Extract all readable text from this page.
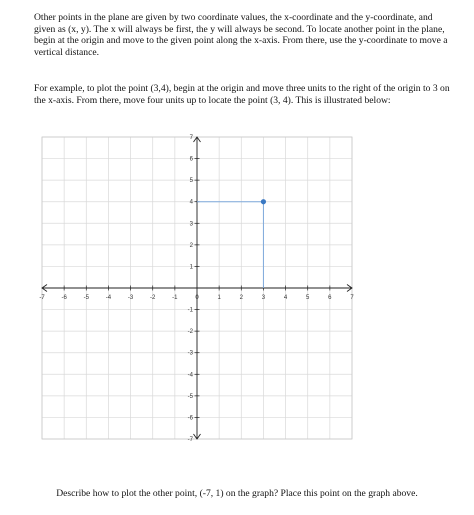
Other points in the plane are given by two coordinate values, the x-coordinate and the y-coordinate, and given as (x, y). The x will always be first, the y will always be second. To locate another point in the plane, begin at the origin and move to the given point along the x-axis. From there, use the y-coordinate to move a vertical distance.

For example, to plot the point (3,4), begin at the origin and move three units to the right of the origin to 3 on the x-axis. From there, move four units up to locate the point (3, 4). This is illustrated below:

-7	-6	-5	-4	-3	-2	-1	0	1	2	3	4	5	6	7
7
6
5
4
3
2
1
-1
-2
-3
-4
-5
-6
-7

Describe how to plot the other point, (-7, 1) on the graph? Place this point on the graph above.
